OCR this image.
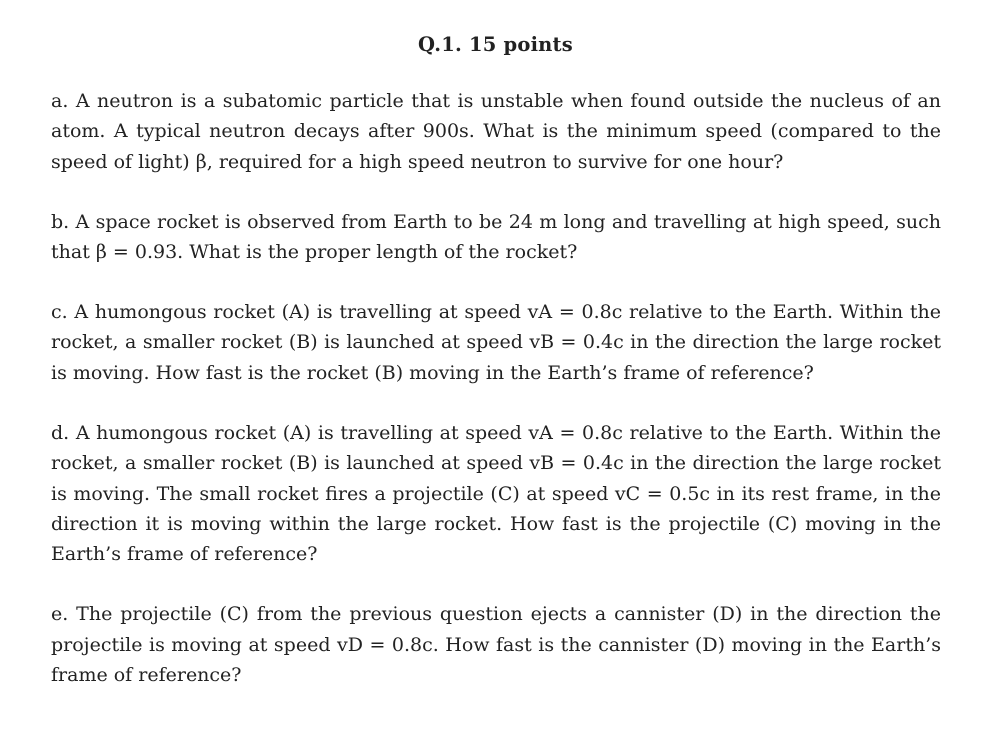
Q.1. 15 points

a. A neutron is a subatomic particle that is unstable when found outside the nucleus of an atom. A typical neutron decays after 900s. What is the minimum speed (compared to the speed of light) β, required for a high speed neutron to survive for one hour?

b. A space rocket is observed from Earth to be 24 m long and travelling at high speed, such that β = 0.93. What is the proper length of the rocket?

c. A humongous rocket (A) is travelling at speed vA = 0.8c relative to the Earth. Within the rocket, a smaller rocket (B) is launched at speed vB = 0.4c in the direction the large rocket is moving. How fast is the rocket (B) moving in the Earth’s frame of reference?

d. A humongous rocket (A) is travelling at speed vA = 0.8c relative to the Earth. Within the rocket, a smaller rocket (B) is launched at speed vB = 0.4c in the direction the large rocket is moving. The small rocket fires a projectile (C) at speed vC = 0.5c in its rest frame, in the direction it is moving within the large rocket. How fast is the projectile (C) moving in the Earth’s frame of reference?

e. The projectile (C) from the previous question ejects a cannister (D) in the direction the projectile is moving at speed vD = 0.8c. How fast is the cannister (D) moving in the Earth’s frame of reference?
